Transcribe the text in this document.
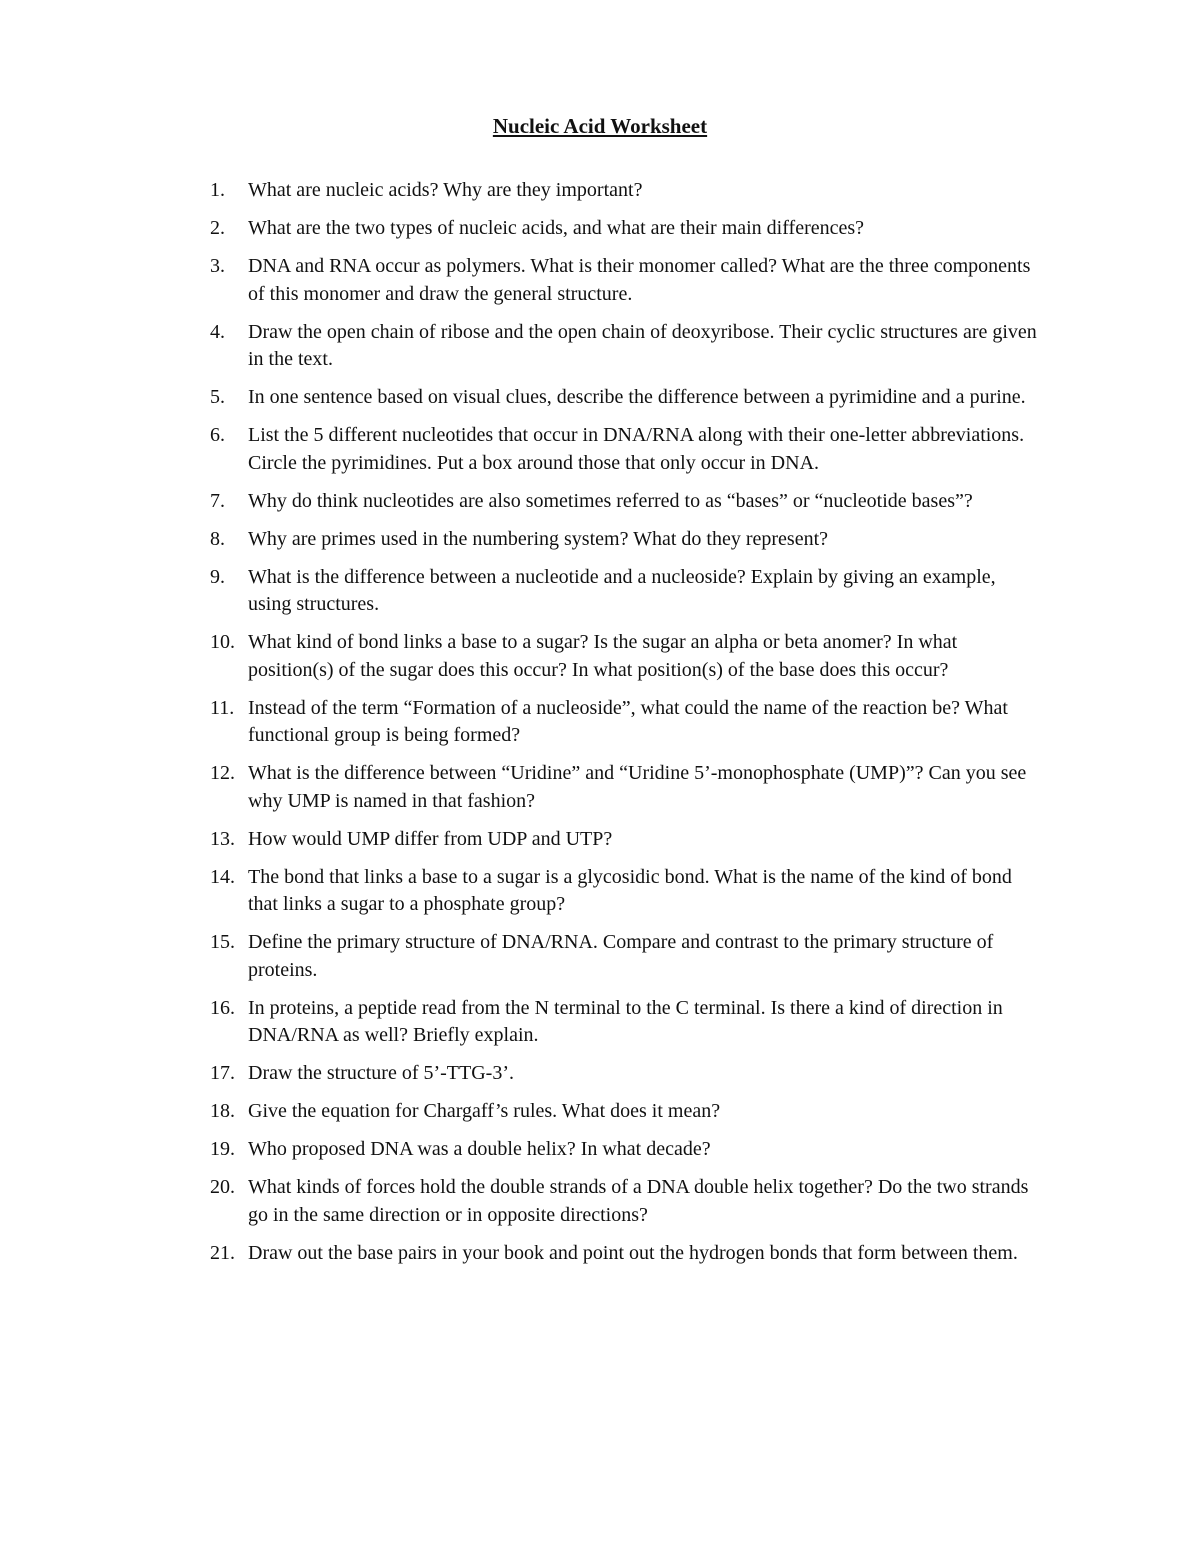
Nucleic Acid Worksheet
1.	What are nucleic acids? Why are they important?
2.	What are the two types of nucleic acids, and what are their main differences?
3.	DNA and RNA occur as polymers. What is their monomer called? What are the three components of this monomer and draw the general structure.
4.	Draw the open chain of ribose and the open chain of deoxyribose. Their cyclic structures are given in the text.
5.	In one sentence based on visual clues, describe the difference between a pyrimidine and a purine.
6.	List the 5 different nucleotides that occur in DNA/RNA along with their one-letter abbreviations. Circle the pyrimidines. Put a box around those that only occur in DNA.
7.	Why do think nucleotides are also sometimes referred to as “bases” or “nucleotide bases”?
8.	Why are primes used in the numbering system? What do they represent?
9.	What is the difference between a nucleotide and a nucleoside? Explain by giving an example, using structures.
10. What kind of bond links a base to a sugar? Is the sugar an alpha or beta anomer? In what position(s) of the sugar does this occur? In what position(s) of the base does this occur?
11. Instead of the term “Formation of a nucleoside”, what could the name of the reaction be? What functional group is being formed?
12. What is the difference between “Uridine” and “Uridine 5’-monophosphate (UMP)”? Can you see why UMP is named in that fashion?
13. How would UMP differ from UDP and UTP?
14. The bond that links a base to a sugar is a glycosidic bond. What is the name of the kind of bond that links a sugar to a phosphate group?
15. Define the primary structure of DNA/RNA. Compare and contrast to the primary structure of proteins.
16. In proteins, a peptide read from the N terminal to the C terminal. Is there a kind of direction in DNA/RNA as well? Briefly explain.
17. Draw the structure of 5’-TTG-3’.
18. Give the equation for Chargaff’s rules. What does it mean?
19. Who proposed DNA was a double helix? In what decade?
20. What kinds of forces hold the double strands of a DNA double helix together? Do the two strands go in the same direction or in opposite directions?
21. Draw out the base pairs in your book and point out the hydrogen bonds that form between them.
